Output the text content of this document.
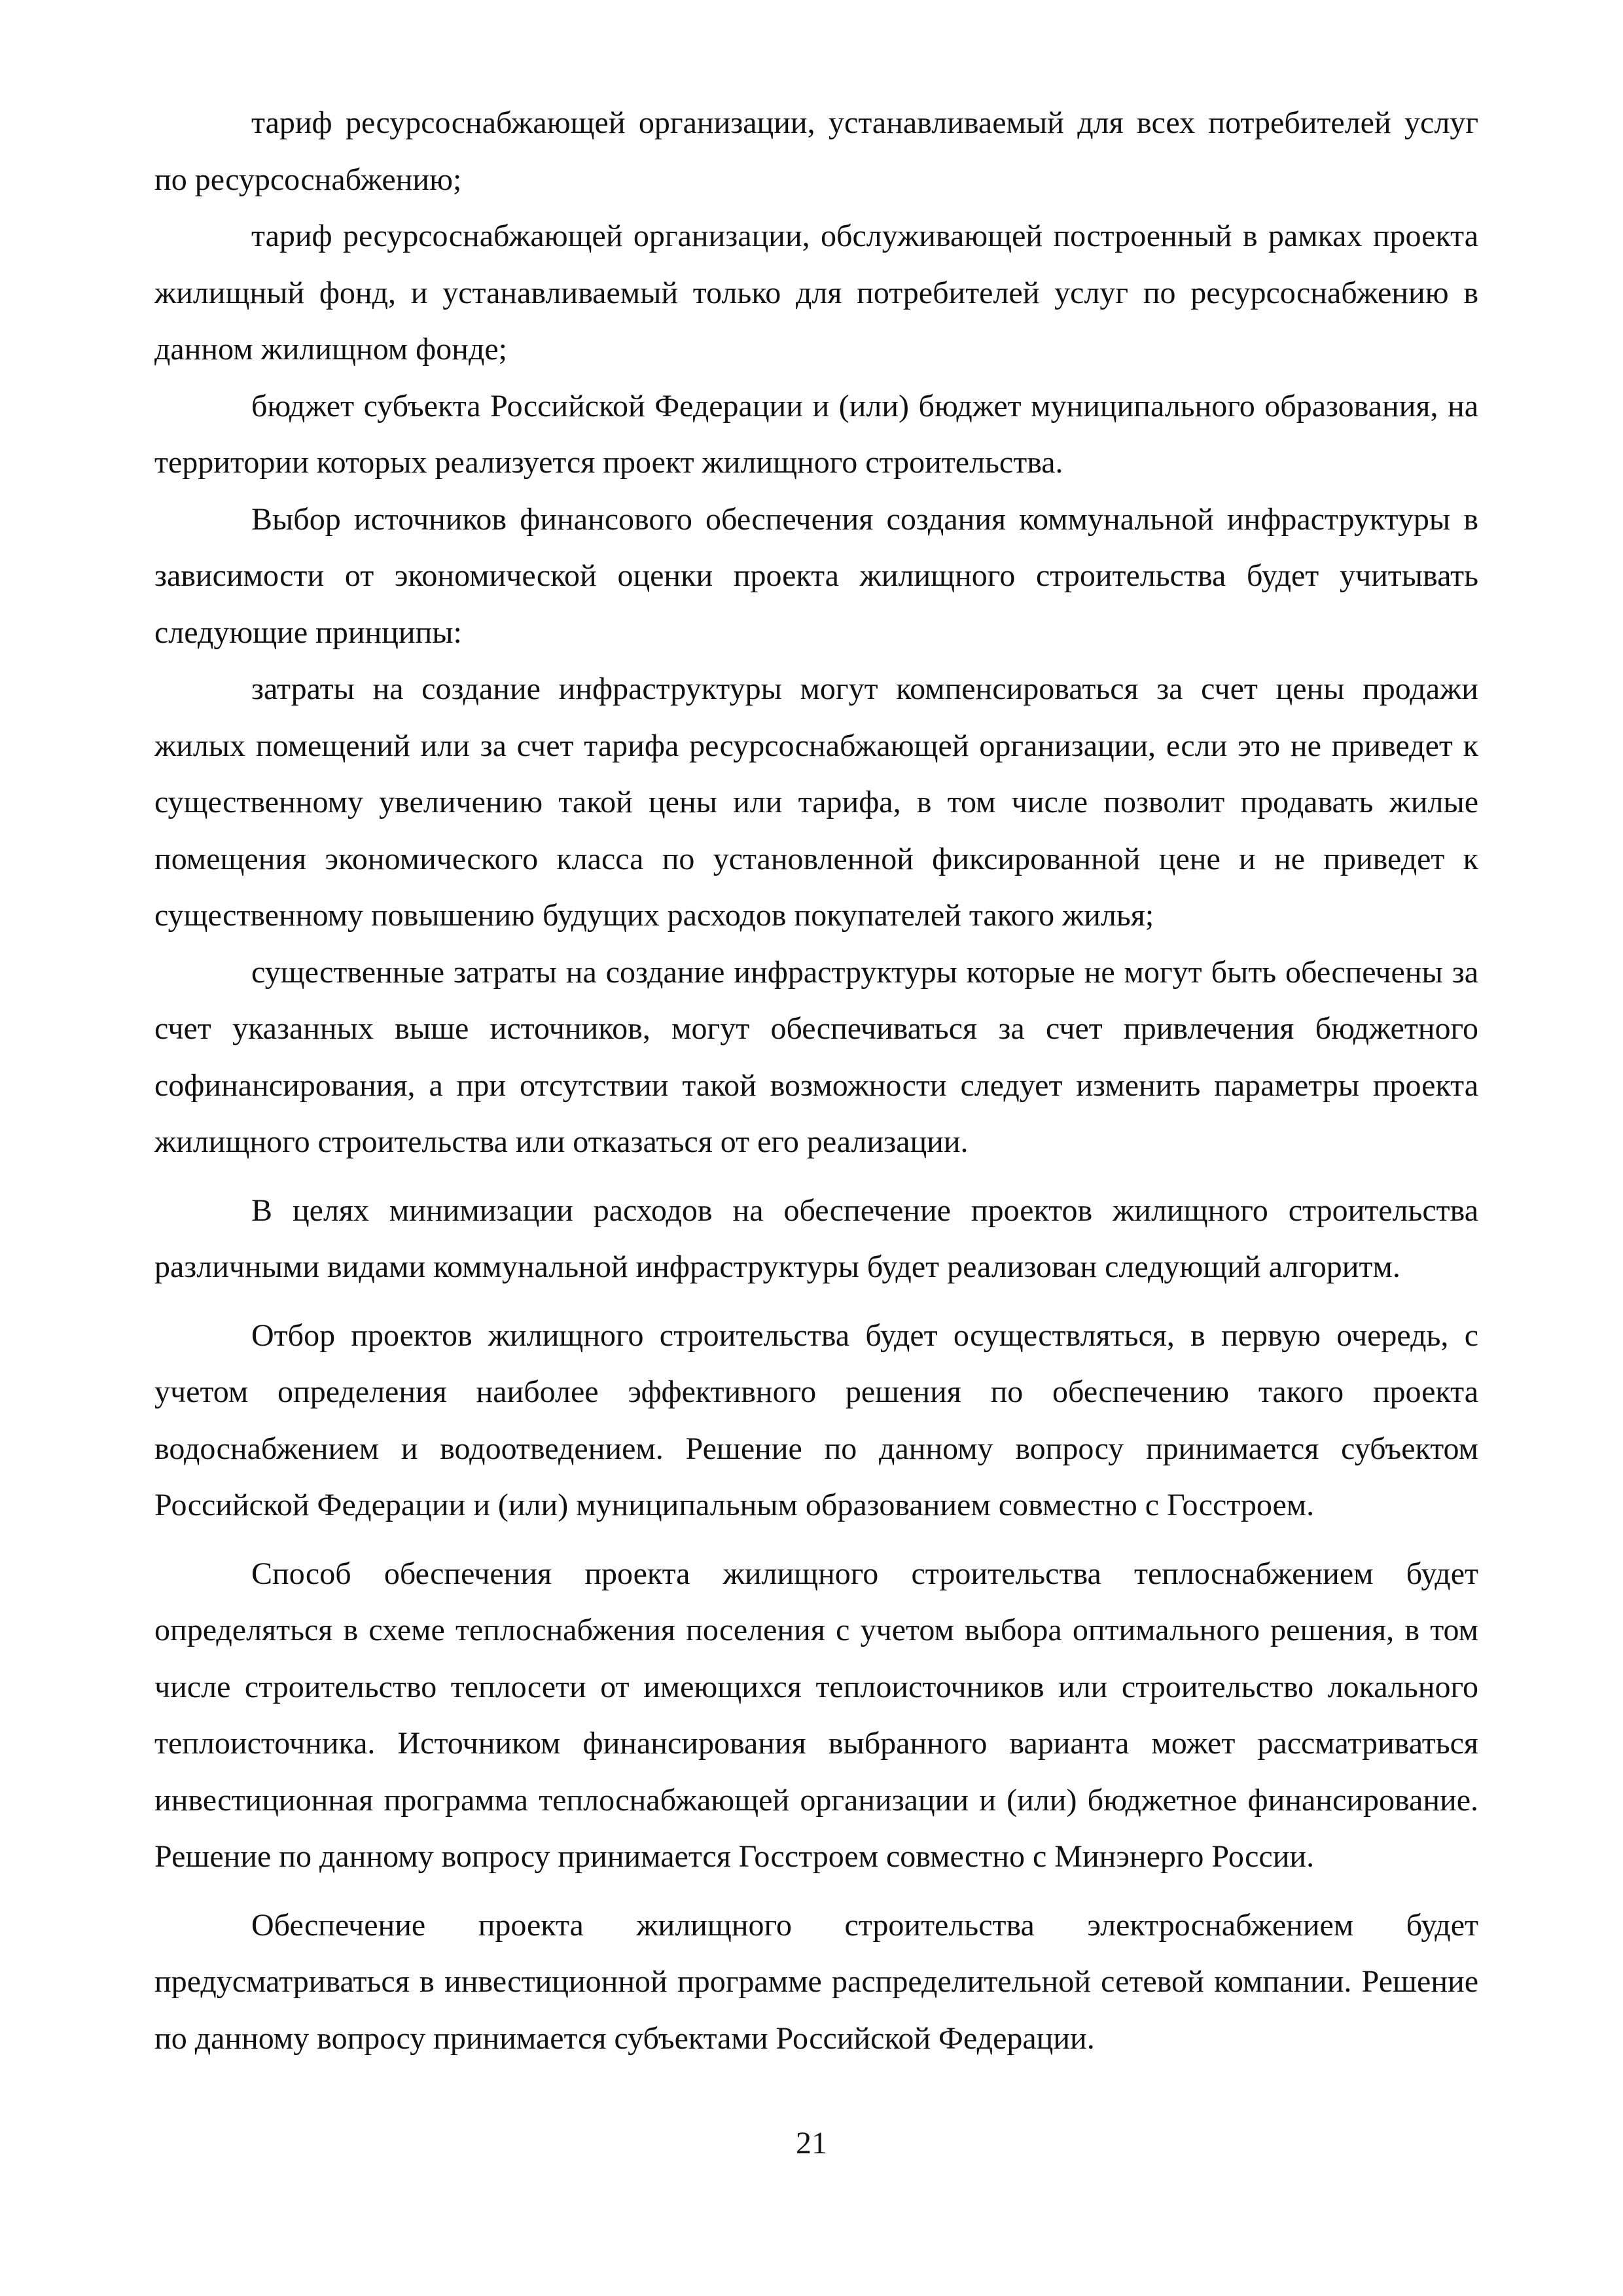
тариф ресурсоснабжающей организации, устанавливаемый для всех потребителей услуг по ресурсоснабжению;

тариф ресурсоснабжающей организации, обслуживающей построенный в рамках проекта жилищный фонд, и устанавливаемый только для потребителей услуг по ресурсоснабжению в данном жилищном фонде;

бюджет субъекта Российской Федерации и (или) бюджет муниципального образования, на территории которых реализуется проект жилищного строительства.

Выбор источников финансового обеспечения создания коммунальной инфраструктуры в зависимости от экономической оценки проекта жилищного строительства будет учитывать следующие принципы:

затраты на создание инфраструктуры могут компенсироваться за счет цены продажи жилых помещений или за счет тарифа ресурсоснабжающей организации, если это не приведет к существенному увеличению такой цены или тарифа, в том числе позволит продавать жилые помещения экономического класса по установленной фиксированной цене и не приведет к существенному повышению будущих расходов покупателей такого жилья;

существенные затраты на создание инфраструктуры которые не могут быть обеспечены за счет указанных выше источников, могут обеспечиваться за счет привлечения бюджетного софинансирования, а при отсутствии такой возможности следует изменить параметры проекта жилищного строительства или отказаться от его реализации.

В целях минимизации расходов на обеспечение проектов жилищного строительства различными видами коммунальной инфраструктуры будет реализован следующий алгоритм.

Отбор проектов жилищного строительства будет осуществляться, в первую очередь, с учетом определения наиболее эффективного решения по обеспечению такого проекта водоснабжением и водоотведением. Решение по данному вопросу принимается субъектом Российской Федерации и (или) муниципальным образованием совместно с Госстроем.

Способ обеспечения проекта жилищного строительства теплоснабжением будет определяться в схеме теплоснабжения поселения с учетом выбора оптимального решения, в том числе строительство теплосети от имеющихся теплоисточников или строительство локального теплоисточника. Источником финансирования выбранного варианта может рассматриваться инвестиционная программа теплоснабжающей организации и (или) бюджетное финансирование. Решение по данному вопросу принимается Госстроем совместно с Минэнерго России.

Обеспечение проекта жилищного строительства электроснабжением будет предусматриваться в инвестиционной программе распределительной сетевой компании. Решение по данному вопросу принимается субъектами Российской Федерации.

21
